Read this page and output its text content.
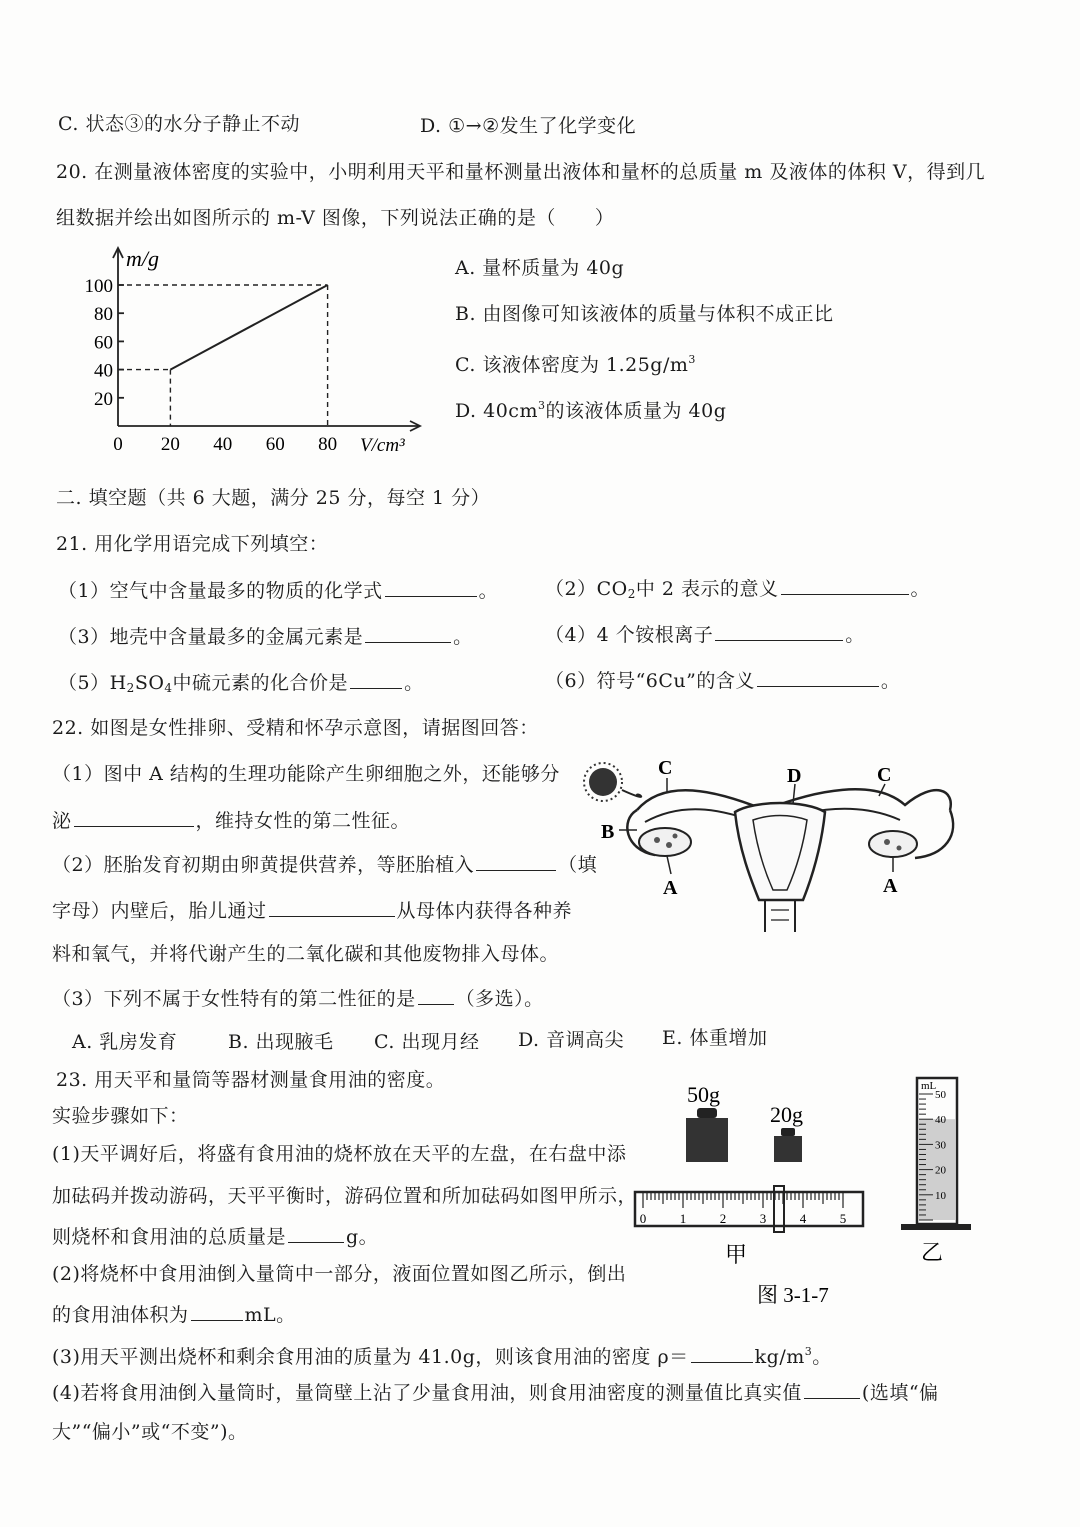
C. 状态③的水分子静止不动	D. ①→②发生了化学变化
20. 在测量液体密度的实验中，小明利用天平和量杯测量出液体和量杯的总质量 m 及液体的体积 V，得到几
组数据并绘出如图所示的 m-V 图像，下列说法正确的是（　　）
20
40
60
80
100
0 20 40 60 80
m/g
V/cm³
A. 量杯质量为 40g
B. 由图像可知该液体的质量与体积不成正比
C. 该液体密度为 $1.25g/m^3$
D. $40cm^3$的该液体质量为 40g
二. 填空题（共 6 大题，满分 25 分，每空 1 分）
21. 用化学用语完成下列填空：
（1）空气中含量最多的物质的化学式	。 $(2)CO_2$中 2 表示的意义	。
（3）地壳中含量最多的金属元素是	。	（4）4 个铵根离子	。
$(5)H_2SO_4$中硫元素的化合价是	。	（6）符号“6Cu”的含义	。
22. 如图是女性排卵、受精和怀孕示意图，请据图回答：
（1）图中 A 结构的生理功能除产生卵细胞之外，还能够分
泌	，维持女性的第二性征。
（2）胚胎发育初期由卵黄提供营养，等胚胎植入	（填
字母）内壁后，胎儿通过	从母体内获得各种养
料和氧气，并将代谢产生的二氧化碳和其他废物排入母体。
（3）下列不属于女性特有的第二性征的是 （多选）。
A. 乳房发育	B. 出现腋毛 C. 出现月经 D. 音调高尖 E. 体重增加
C	D	C
B
A	A
23. 用天平和量筒等器材测量食用油的密度。
实验步骤如下：
(1)天平调好后，将盛有食用油的烧杯放在天平的左盘，在右盘中添
加砝码并拨动游码，天平平衡时，游码位置和所加砝码如图甲所示，
则烧杯和食用油的总质量是	g。
(2)将烧杯中食用油倒入量筒中一部分，液面位置如图乙所示，倒出
的食用油体积为	mL。
(3)用天平测出烧杯和剩余食用油的质量为 41.0g，则该食用油的密度 ρ＝	$kg/m^3$。
(4)若将食用油倒入量筒时，量筒壁上沾了少量食用油，则食用油密度的测量值比真实值	(选填“偏
大”“偏小”或“不变”)。
50g
20g
0	1	2	3	4	5
mL
50
40
30
20
10
甲	乙
图 3-1-7
